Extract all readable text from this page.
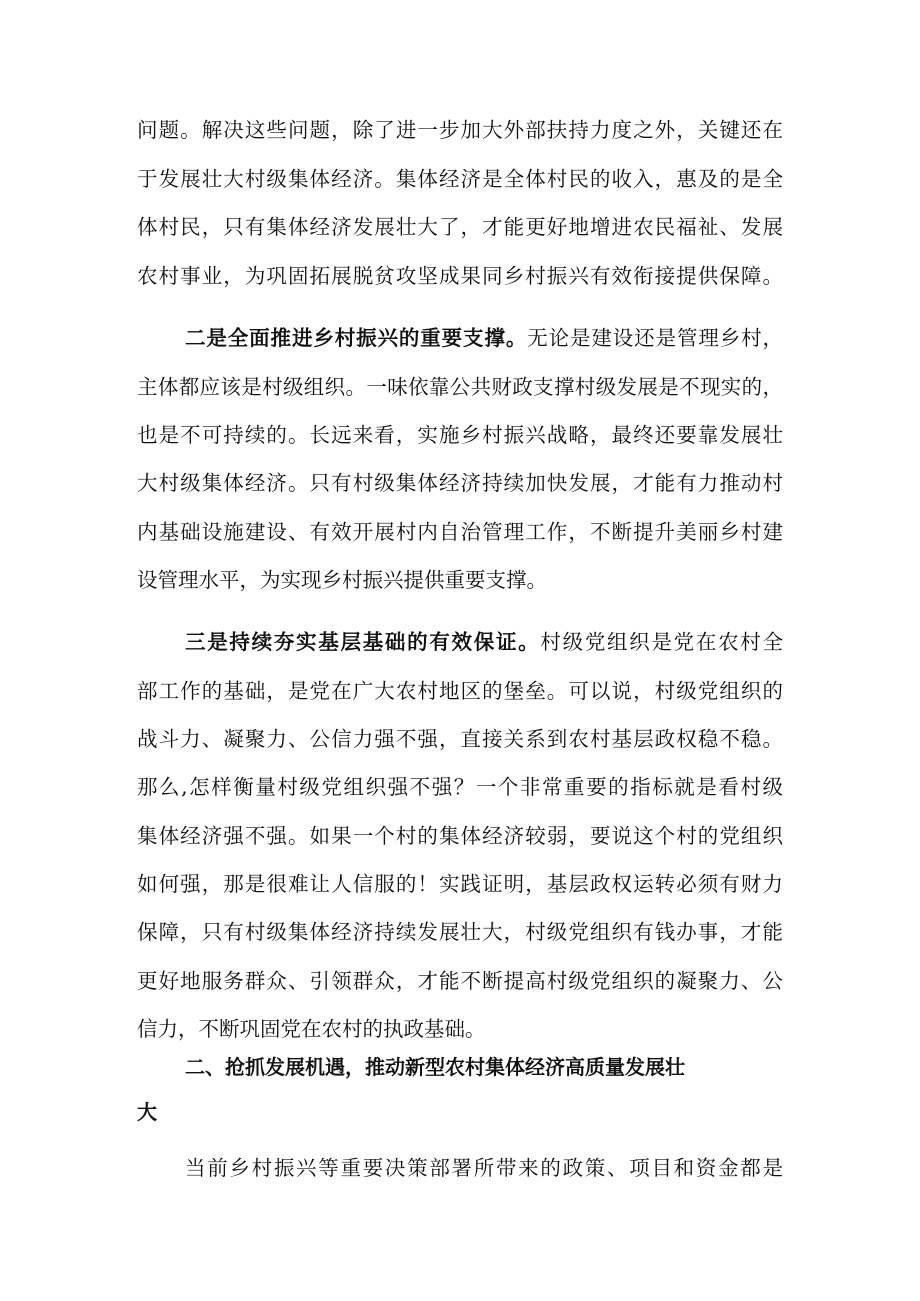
问题。解决这些问题，除了进一步加大外部扶持力度之外，关键还在
于发展壮大村级集体经济。集体经济是全体村民的收入，惠及的是全
体村民，只有集体经济发展壮大了，才能更好地增进农民福祉、发展
农村事业，为巩固拓展脱贫攻坚成果同乡村振兴有效衔接提供保障。
二是全面推进乡村振兴的重要支撑。无论是建设还是管理乡村，
主体都应该是村级组织。一味依靠公共财政支撑村级发展是不现实的，
也是不可持续的。长远来看，实施乡村振兴战略，最终还要靠发展壮
大村级集体经济。只有村级集体经济持续加快发展，才能有力推动村
内基础设施建设、有效开展村内自治管理工作，不断提升美丽乡村建
设管理水平，为实现乡村振兴提供重要支撑。
三是持续夯实基层基础的有效保证。村级党组织是党在农村全
部工作的基础，是党在广大农村地区的堡垒。可以说，村级党组织的
战斗力、凝聚力、公信力强不强，直接关系到农村基层政权稳不稳。
那么,怎样衡量村级党组织强不强？一个非常重要的指标就是看村级
集体经济强不强。如果一个村的集体经济较弱，要说这个村的党组织
如何强，那是很难让人信服的！实践证明，基层政权运转必须有财力
保障，只有村级集体经济持续发展壮大，村级党组织有钱办事，才能
更好地服务群众、引领群众，才能不断提高村级党组织的凝聚力、公
信力，不断巩固党在农村的执政基础。
二、抢抓发展机遇，推动新型农村集体经济高质量发展壮
大
当前乡村振兴等重要决策部署所带来的政策、项目和资金都是
